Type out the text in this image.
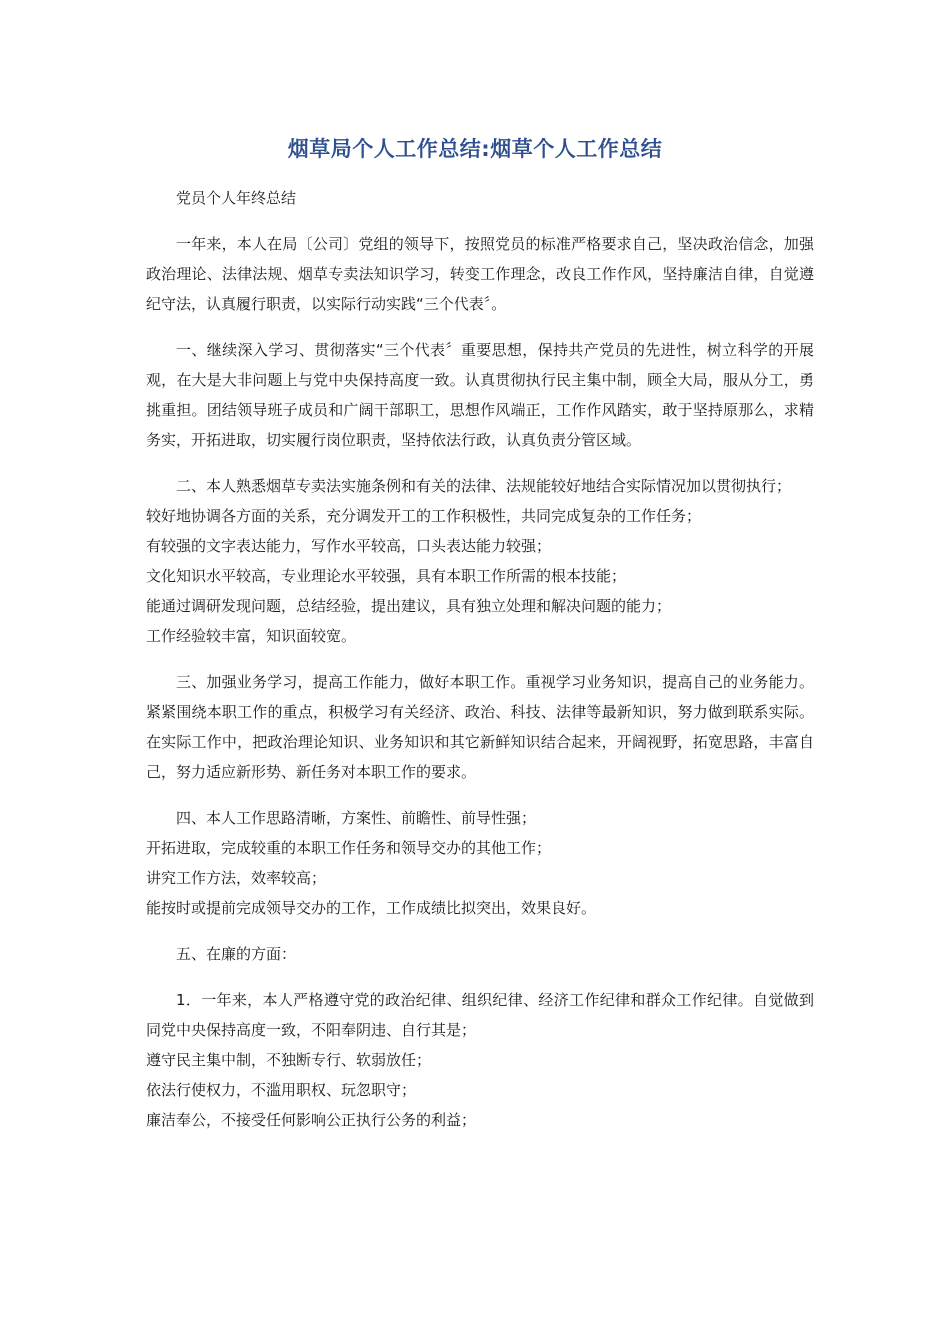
烟草局个人工作总结:烟草个人工作总结

党员个人年终总结

一年来，本人在局〔公司〕党组的领导下，按照党员的标准严格要求自己，坚决政治信念，加强政治理论、法律法规、烟草专卖法知识学习，转变工作理念，改良工作作风，坚持廉洁自律，自觉遵纪守法，认真履行职责，以实际行动实践“三个代表〞。

一、继续深入学习、贯彻落实“三个代表〞重要思想，保持共产党员的先进性，树立科学的开展观，在大是大非问题上与党中央保持高度一致。认真贯彻执行民主集中制，顾全大局，服从分工，勇挑重担。团结领导班子成员和广阔干部职工，思想作风端正，工作作风踏实，敢于坚持原那么，求精务实，开拓进取，切实履行岗位职责，坚持依法行政，认真负责分管区域。

二、本人熟悉烟草专卖法实施条例和有关的法律、法规能较好地结合实际情况加以贯彻执行；

较好地协调各方面的关系，充分调发开工的工作积极性，共同完成复杂的工作任务；

有较强的文字表达能力，写作水平较高，口头表达能力较强；

文化知识水平较高，专业理论水平较强，具有本职工作所需的根本技能；

能通过调研发现问题，总结经验，提出建议，具有独立处理和解决问题的能力；

工作经验较丰富，知识面较宽。

三、加强业务学习，提高工作能力，做好本职工作。重视学习业务知识，提高自己的业务能力。紧紧围绕本职工作的重点，积极学习有关经济、政治、科技、法律等最新知识，努力做到联系实际。在实际工作中，把政治理论知识、业务知识和其它新鲜知识结合起来，开阔视野，拓宽思路，丰富自己，努力适应新形势、新任务对本职工作的要求。

四、本人工作思路清晰，方案性、前瞻性、前导性强；

开拓进取，完成较重的本职工作任务和领导交办的其他工作；

讲究工作方法，效率较高；

能按时或提前完成领导交办的工作，工作成绩比拟突出，效果良好。

五、在廉的方面：

1．一年来，本人严格遵守党的政治纪律、组织纪律、经济工作纪律和群众工作纪律。自觉做到同党中央保持高度一致，不阳奉阴违、自行其是；

遵守民主集中制，不独断专行、软弱放任；

依法行使权力，不滥用职权、玩忽职守；

廉洁奉公，不接受任何影响公正执行公务的利益；
